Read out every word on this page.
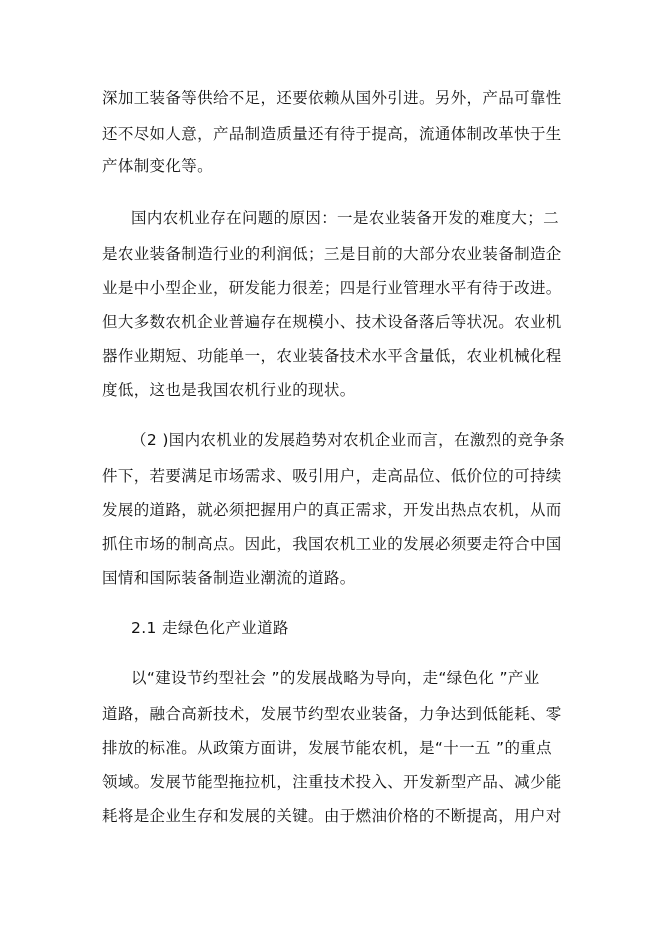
深加工装备等供给不足，还要依赖从国外引进。另外，产品可靠性
还不尽如人意，产品制造质量还有待于提高，流通体制改革快于生
产体制变化等。
国内农机业存在问题的原因：一是农业装备开发的难度大；二
是农业装备制造行业的利润低；三是目前的大部分农业装备制造企
业是中小型企业，研发能力很差；四是行业管理水平有待于改进。
但大多数农机企业普遍存在规模小、技术设备落后等状况。农业机
器作业期短、功能单一，农业装备技术水平含量低，农业机械化程
度低，这也是我国农机行业的现状。
（2 )国内农机业的发展趋势对农机企业而言，在激烈的竞争条
件下，若要满足市场需求、吸引用户，走高品位、低价位的可持续
发展的道路，就必须把握用户的真正需求，开发出热点农机，从而
抓住市场的制高点。因此，我国农机工业的发展必须要走符合中国
国情和国际装备制造业潮流的道路。
2.1 走绿色化产业道路
以“建设节约型社会 ”的发展战略为导向，走“绿色化 ”产业
道路，融合高新技术，发展节约型农业装备，力争达到低能耗、零
排放的标准。从政策方面讲，发展节能农机，是“十一五 ”的重点
领域。发展节能型拖拉机，注重技术投入、开发新型产品、减少能
耗将是企业生存和发展的关键。由于燃油价格的不断提高，用户对
